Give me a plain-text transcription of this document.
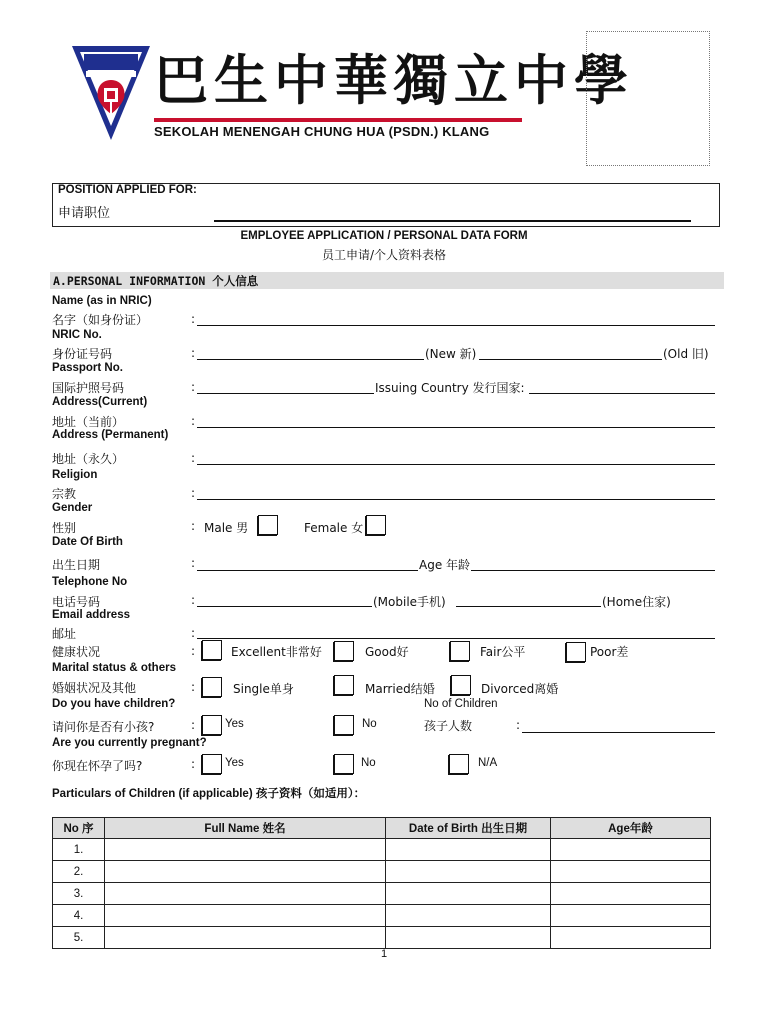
巴生中華獨立中學
SEKOLAH MENENGAH CHUNG HUA (PSDN.) KLANG
POSITION APPLIED FOR:
申请职位
EMPLOYEE APPLICATION / PERSONAL DATA FORM
员工申请/个人资料表格
A.PERSONAL INFORMATION 个人信息
Name (as in NRIC)
名字（如身份证）	:
NRIC No.
身份证号码	:	(New 新)	(Old 旧)
Passport No.
国际护照号码	:	Issuing Country 发行国家:
Address(Current)
地址（当前）	:
Address (Permanent)
地址（永久）	:
Religion
宗教	:
Gender
性别	: Male 男	Female 女
Date Of Birth
出生日期	:	Age 年龄
Telephone No
电话号码	:	(Mobile手机)	(Home住家)
Email address
邮址	:
健康状况	:	Excellent非常好	Good好	Fair公平	Poor差
Marital status & others
婚姻状况及其他	:	Single单身	Married结婚	Divorced离婚
Do you have children?	No of Children
请问你是否有小孩?	:	Yes	No	孩子人数	:
Are you currently pregnant?
你现在怀孕了吗?	:	Yes	No	N/A
Particulars of Children (if applicable) 孩子资料（如适用）：
No 序	Full Name 姓名	Date of Birth 出生日期	Age年龄
1.			
2.			
3.			
4.			
5.			
1
